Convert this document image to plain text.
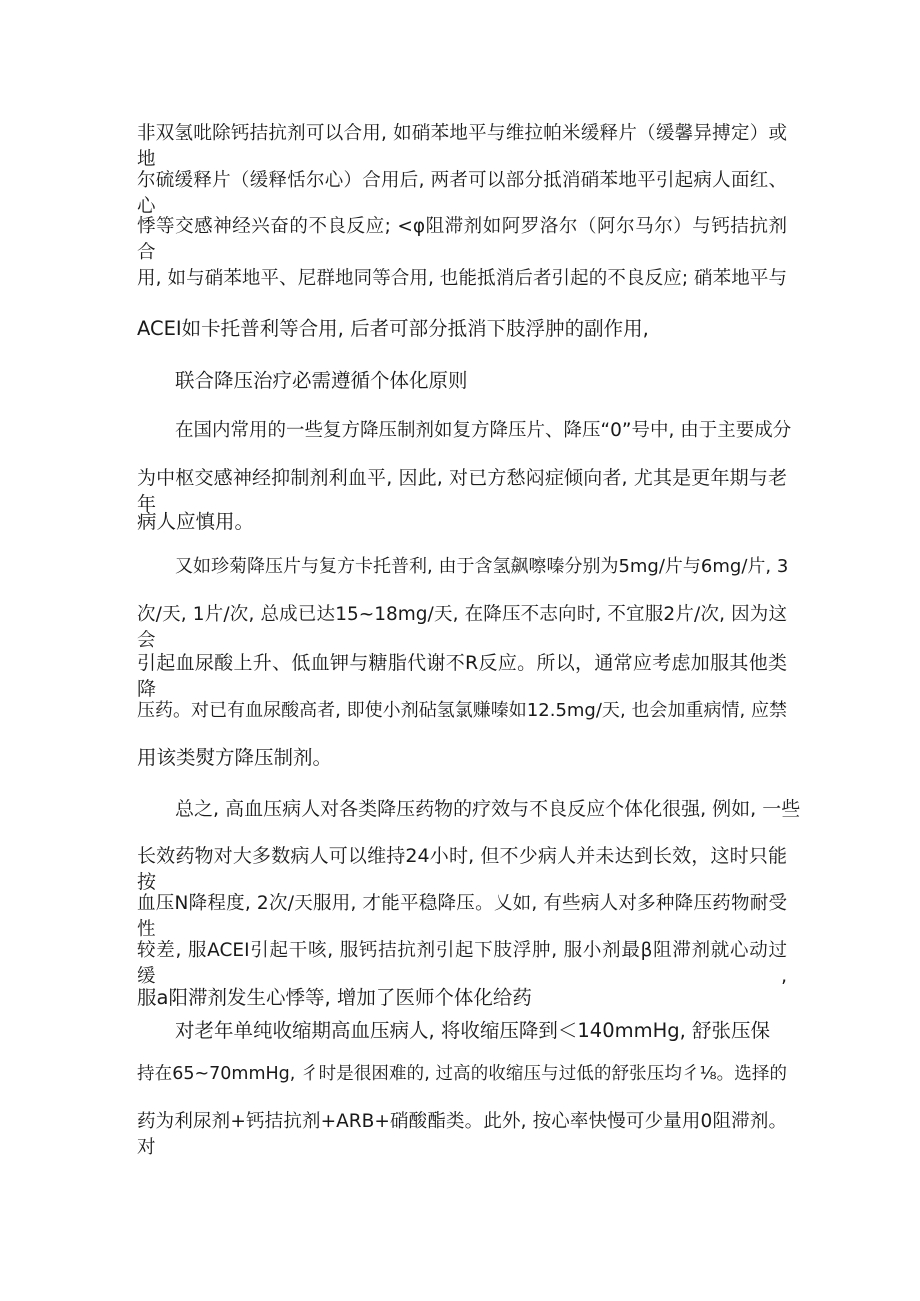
非双氢吡除钙拮抗剂可以合用, 如硝苯地平与维拉帕米缓释片（缓馨异搏定）或地

尔硫缓释片（缓释恬尔心）合用后, 两者可以部分抵消硝苯地平引起病人面红、心

悸等交感神经兴奋的不良反应; <φ阻滞剂如阿罗洛尔（阿尔马尔）与钙拮抗剂合

用, 如与硝苯地平、尼群地同等合用, 也能抵消后者引起的不良反应; 硝苯地平与

ACEI如卡托普利等合用, 后者可部分抵消下肢浮肿的副作用,

联合降压治疗必需遵循个体化原则

在国内常用的一些复方降压制剂如复方降压片、降压“0”号中, 由于主要成分

为中枢交感神经抑制剂利血平, 因此, 对已方愁闷症倾向者, 尤其是更年期与老年

病人应慎用。

又如珍菊降压片与复方卡托普利, 由于含氢飙嚓嗪分别为5mg∕片与6mg∕片, 3

次/天, 1片/次, 总成已达15~18mg∕天, 在降压不志向时, 不宜服2片/次, 因为这会

引起血尿酸上升、低血钾与糖脂代谢不R反应。所以，通常应考虑加服其他类降

压药。对已有血尿酸高者, 即使小剂砧氢氯赚嗪如12.5mg∕天, 也会加重病情, 应禁

用该类熨方降压制剂。

总之, 高血压病人对各类降压药物的疗效与不良反应个体化很强, 例如, 一些

长效药物对大多数病人可以维持24小时, 但不少病人并未达到长效，这时只能按

血压N降程度, 2次/天服用, 才能平稳降压。乂如, 有些病人对多种降压药物耐受性

较差, 服ACEI引起干咳, 服钙拮抗剂引起下肢浮肿, 服小剂最β阻滞剂就心动过缓,

服a阳滞剂发生心悸等, 增加了医师个体化给药

对老年单纯收缩期高血压病人, 将收缩压降到＜140mmHg, 舒张压保

持在65~70mmHg, 彳时是很困难的, 过高的收缩压与过低的舒张压均彳⅛。选择的

药为利尿剂+钙拮抗剂+ARB+硝酸酯类。此外, 按心率快慢可少量用0阻滞剂。对
